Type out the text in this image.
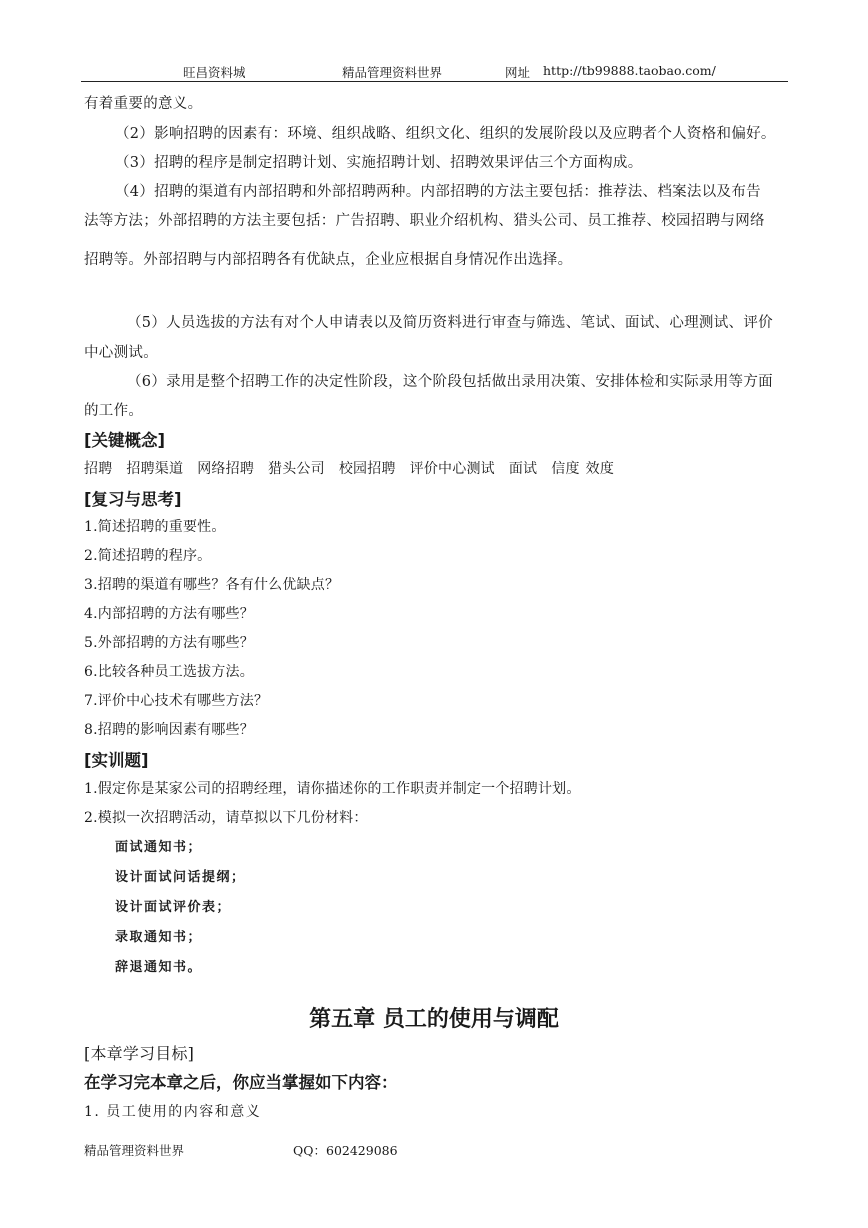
旺昌资料城	精品管理资料世界	网址 http://tb99888.taobao.com/
有着重要的意义。
（2）影响招聘的因素有：环境、组织战略、组织文化、组织的发展阶段以及应聘者个人资格和偏好。
（3）招聘的程序是制定招聘计划、实施招聘计划、招聘效果评估三个方面构成。
（4）招聘的渠道有内部招聘和外部招聘两种。内部招聘的方法主要包括：推荐法、档案法以及布告
法等方法；外部招聘的方法主要包括：广告招聘、职业介绍机构、猎头公司、员工推荐、校园招聘与网络
招聘等。外部招聘与内部招聘各有优缺点，企业应根据自身情况作出选择。
（5）人员选拔的方法有对个人申请表以及简历资料进行审查与筛选、笔试、面试、心理测试、评价
中心测试。
（6）录用是整个招聘工作的决定性阶段，这个阶段包括做出录用决策、安排体检和实际录用等方面
的工作。
[关键概念]
招聘 招聘渠道 网络招聘 猎头公司 校园招聘 评价中心测试 面试 信度 效度
[复习与思考]
1.简述招聘的重要性。
2.简述招聘的程序。
3.招聘的渠道有哪些？各有什么优缺点？
4.内部招聘的方法有哪些？
5.外部招聘的方法有哪些？
6.比较各种员工选拔方法。
7.评价中心技术有哪些方法？
8.招聘的影响因素有哪些？
[实训题]
1.假定你是某家公司的招聘经理，请你描述你的工作职责并制定一个招聘计划。
2.模拟一次招聘活动，请草拟以下几份材料：
面试通知书；
设计面试问话提纲；
设计面试评价表；
录取通知书；
辞退通知书。
第五章 员工的使用与调配
[本章学习目标]
在学习完本章之后，你应当掌握如下内容：
1. 员工使用的内容和意义
精品管理资料世界	QQ：602429086
